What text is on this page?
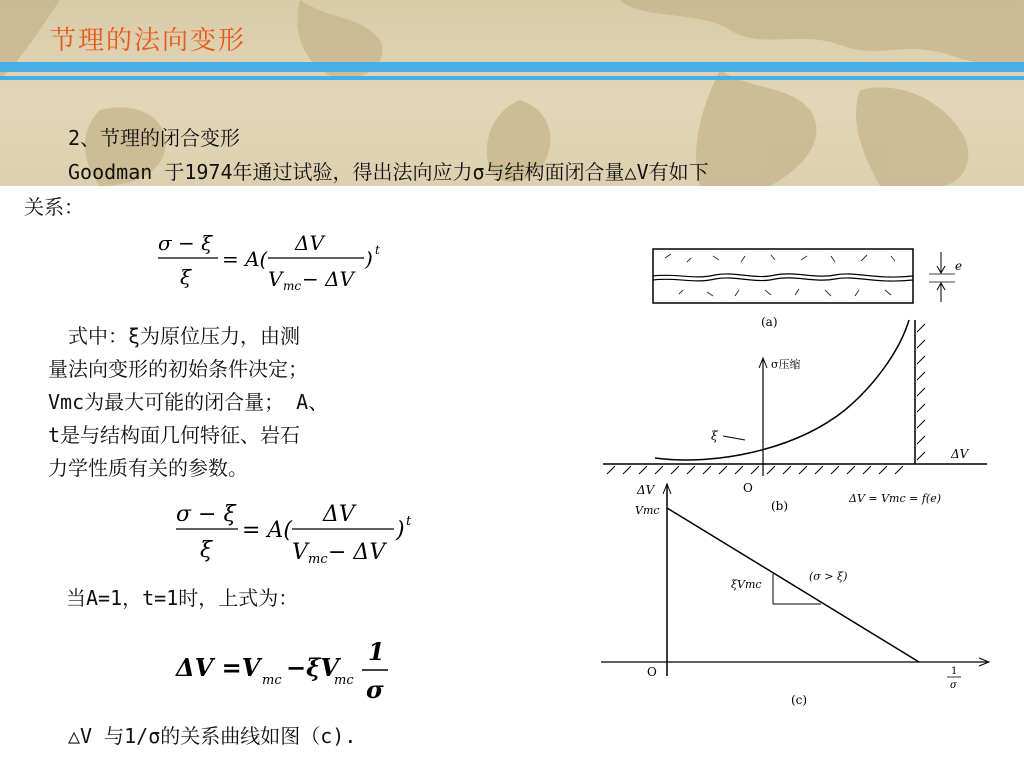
节理的法向变形
2、节理的闭合变形
Goodman 于1974年通过试验，得出法向应力σ与结构面闭合量△V有如下
关系：
σ − ξ
ξ
= A(
ΔV
V mc − ΔV
) t
　式中：ξ为原位压力，由测
量法向变形的初始条件决定；
Vmc为最大可能的闭合量； A、
t是与结构面几何特征、岩石
力学性质有关的参数。
σ − ξ
ξ
= A(
ΔV
V mc − ΔV
) t
当A=1，t=1时，上式为：
ΔV =V mc −ξV
mc
1
σ
△V 与1/σ的关系曲线如图（c).
e
(a)
σ压缩
ξ
ΔV
O
(b)
ΔV = Vmc = f(e)
ΔV
Vmc
ξVmc
(σ > ξ)
O	1
σ
(c)
